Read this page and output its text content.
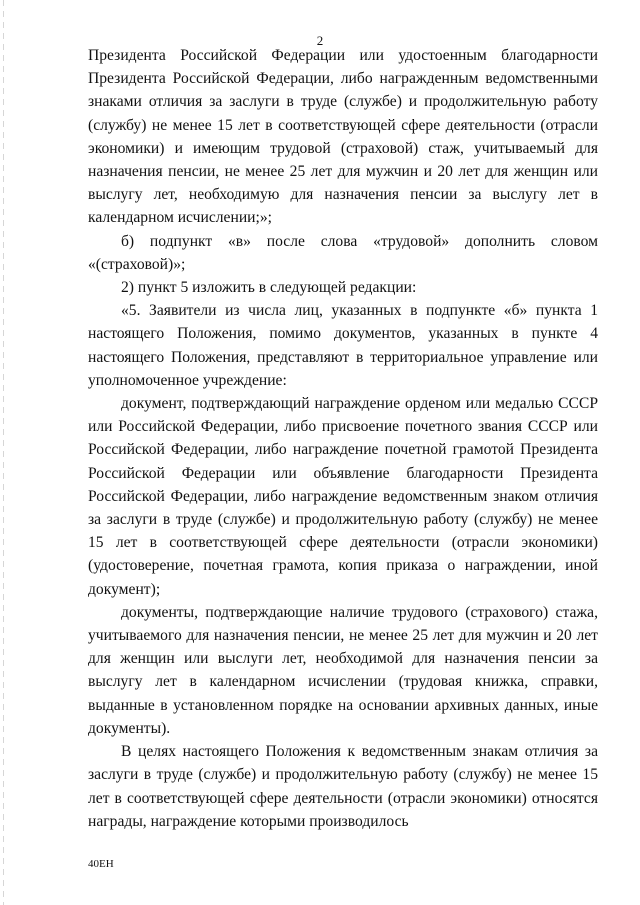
2

Президента Российской Федерации или удостоенным благодарности Президента Российской Федерации, либо награжденным ведомственными знаками отличия за заслуги в труде (службе) и продолжительную работу (службу) не менее 15 лет в соответствующей сфере деятельности (отрасли экономики) и имеющим трудовой (страховой) стаж, учитываемый для назначения пенсии, не менее 25 лет для мужчин и 20 лет для женщин или выслугу лет, необходимую для назначения пенсии за выслугу лет в календарном исчислении;»;

б) подпункт «в» после слова «трудовой» дополнить словом «(страховой)»;

2) пункт 5 изложить в следующей редакции:

«5. Заявители из числа лиц, указанных в подпункте «б» пункта 1 настоящего Положения, помимо документов, указанных в пункте 4 настоящего Положения, представляют в территориальное управление или уполномоченное учреждение:

документ, подтверждающий награждение орденом или медалью СССР или Российской Федерации, либо присвоение почетного звания СССР или Российской Федерации, либо награждение почетной грамотой Президента Российской Федерации или объявление благодарности Президента Российской Федерации, либо награждение ведомственным знаком отличия за заслуги в труде (службе) и продолжительную работу (службу) не менее 15 лет в соответствующей сфере деятельности (отрасли экономики) (удостоверение, почетная грамота, копия приказа о награждении, иной документ);

документы, подтверждающие наличие трудового (страхового) стажа, учитываемого для назначения пенсии, не менее 25 лет для мужчин и 20 лет для женщин или выслуги лет, необходимой для назначения пенсии за выслугу лет в календарном исчислении (трудовая книжка, справки, выданные в установленном порядке на основании архивных данных, иные документы).

В целях настоящего Положения к ведомственным знакам отличия за заслуги в труде (службе) и продолжительную работу (службу) не менее 15 лет в соответствующей сфере деятельности (отрасли экономики) относятся награды, награждение которыми производилось

40ЕН
